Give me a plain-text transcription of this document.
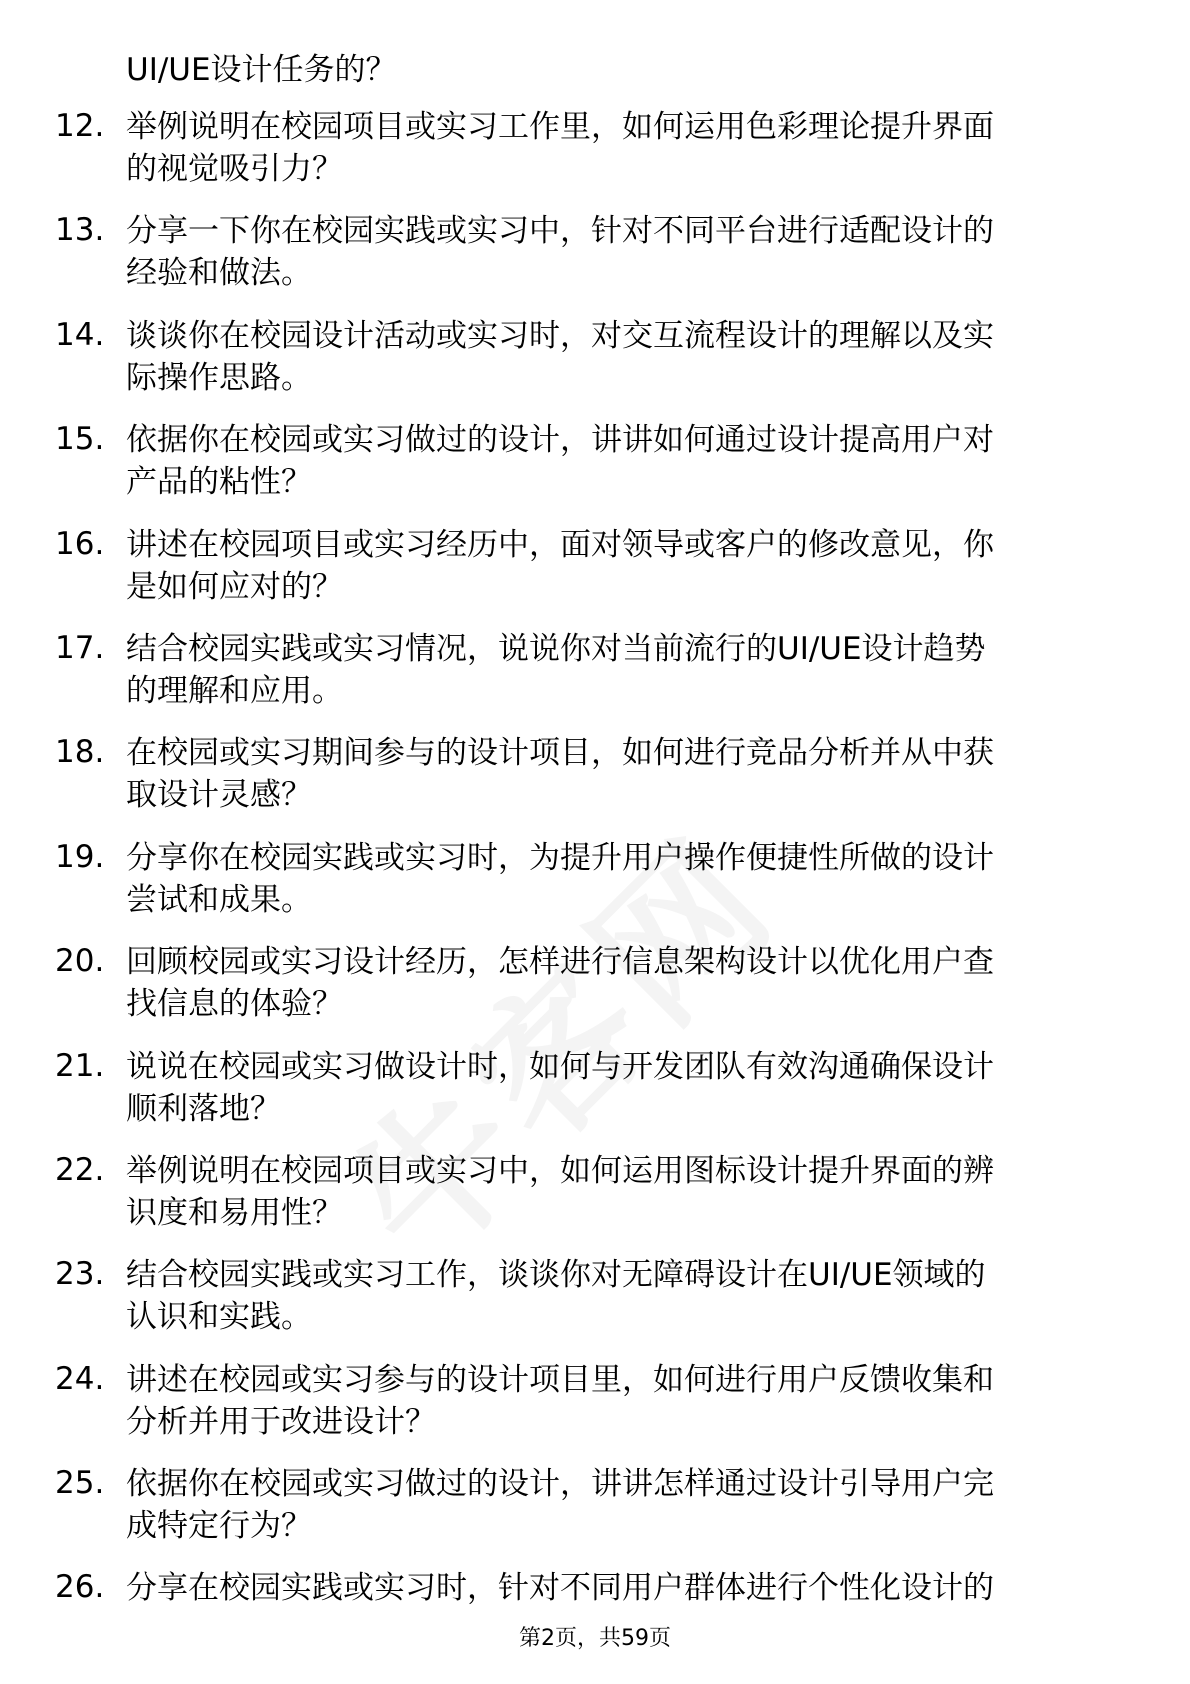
UI/UE设计任务的？
12. 举例说明在校园项目或实习工作里，如何运用色彩理论提升界面
的视觉吸引力？
13. 分享一下你在校园实践或实习中，针对不同平台进行适配设计的
经验和做法。
14. 谈谈你在校园设计活动或实习时，对交互流程设计的理解以及实
际操作思路。
15. 依据你在校园或实习做过的设计，讲讲如何通过设计提高用户对
产品的粘性？
16. 讲述在校园项目或实习经历中，面对领导或客户的修改意见，你
是如何应对的？
17. 结合校园实践或实习情况，说说你对当前流行的UI/UE设计趋势
的理解和应用。
18. 在校园或实习期间参与的设计项目，如何进行竞品分析并从中获
取设计灵感？
19. 分享你在校园实践或实习时，为提升用户操作便捷性所做的设计
尝试和成果。
20. 回顾校园或实习设计经历，怎样进行信息架构设计以优化用户查
找信息的体验？
21. 说说在校园或实习做设计时，如何与开发团队有效沟通确保设计
顺利落地？
22. 举例说明在校园项目或实习中，如何运用图标设计提升界面的辨
识度和易用性？
23. 结合校园实践或实习工作，谈谈你对无障碍设计在UI/UE领域的
认识和实践。
24. 讲述在校园或实习参与的设计项目里，如何进行用户反馈收集和
分析并用于改进设计？
25. 依据你在校园或实习做过的设计，讲讲怎样通过设计引导用户完
成特定行为？
26. 分享在校园实践或实习时，针对不同用户群体进行个性化设计的
第2页，共59页
